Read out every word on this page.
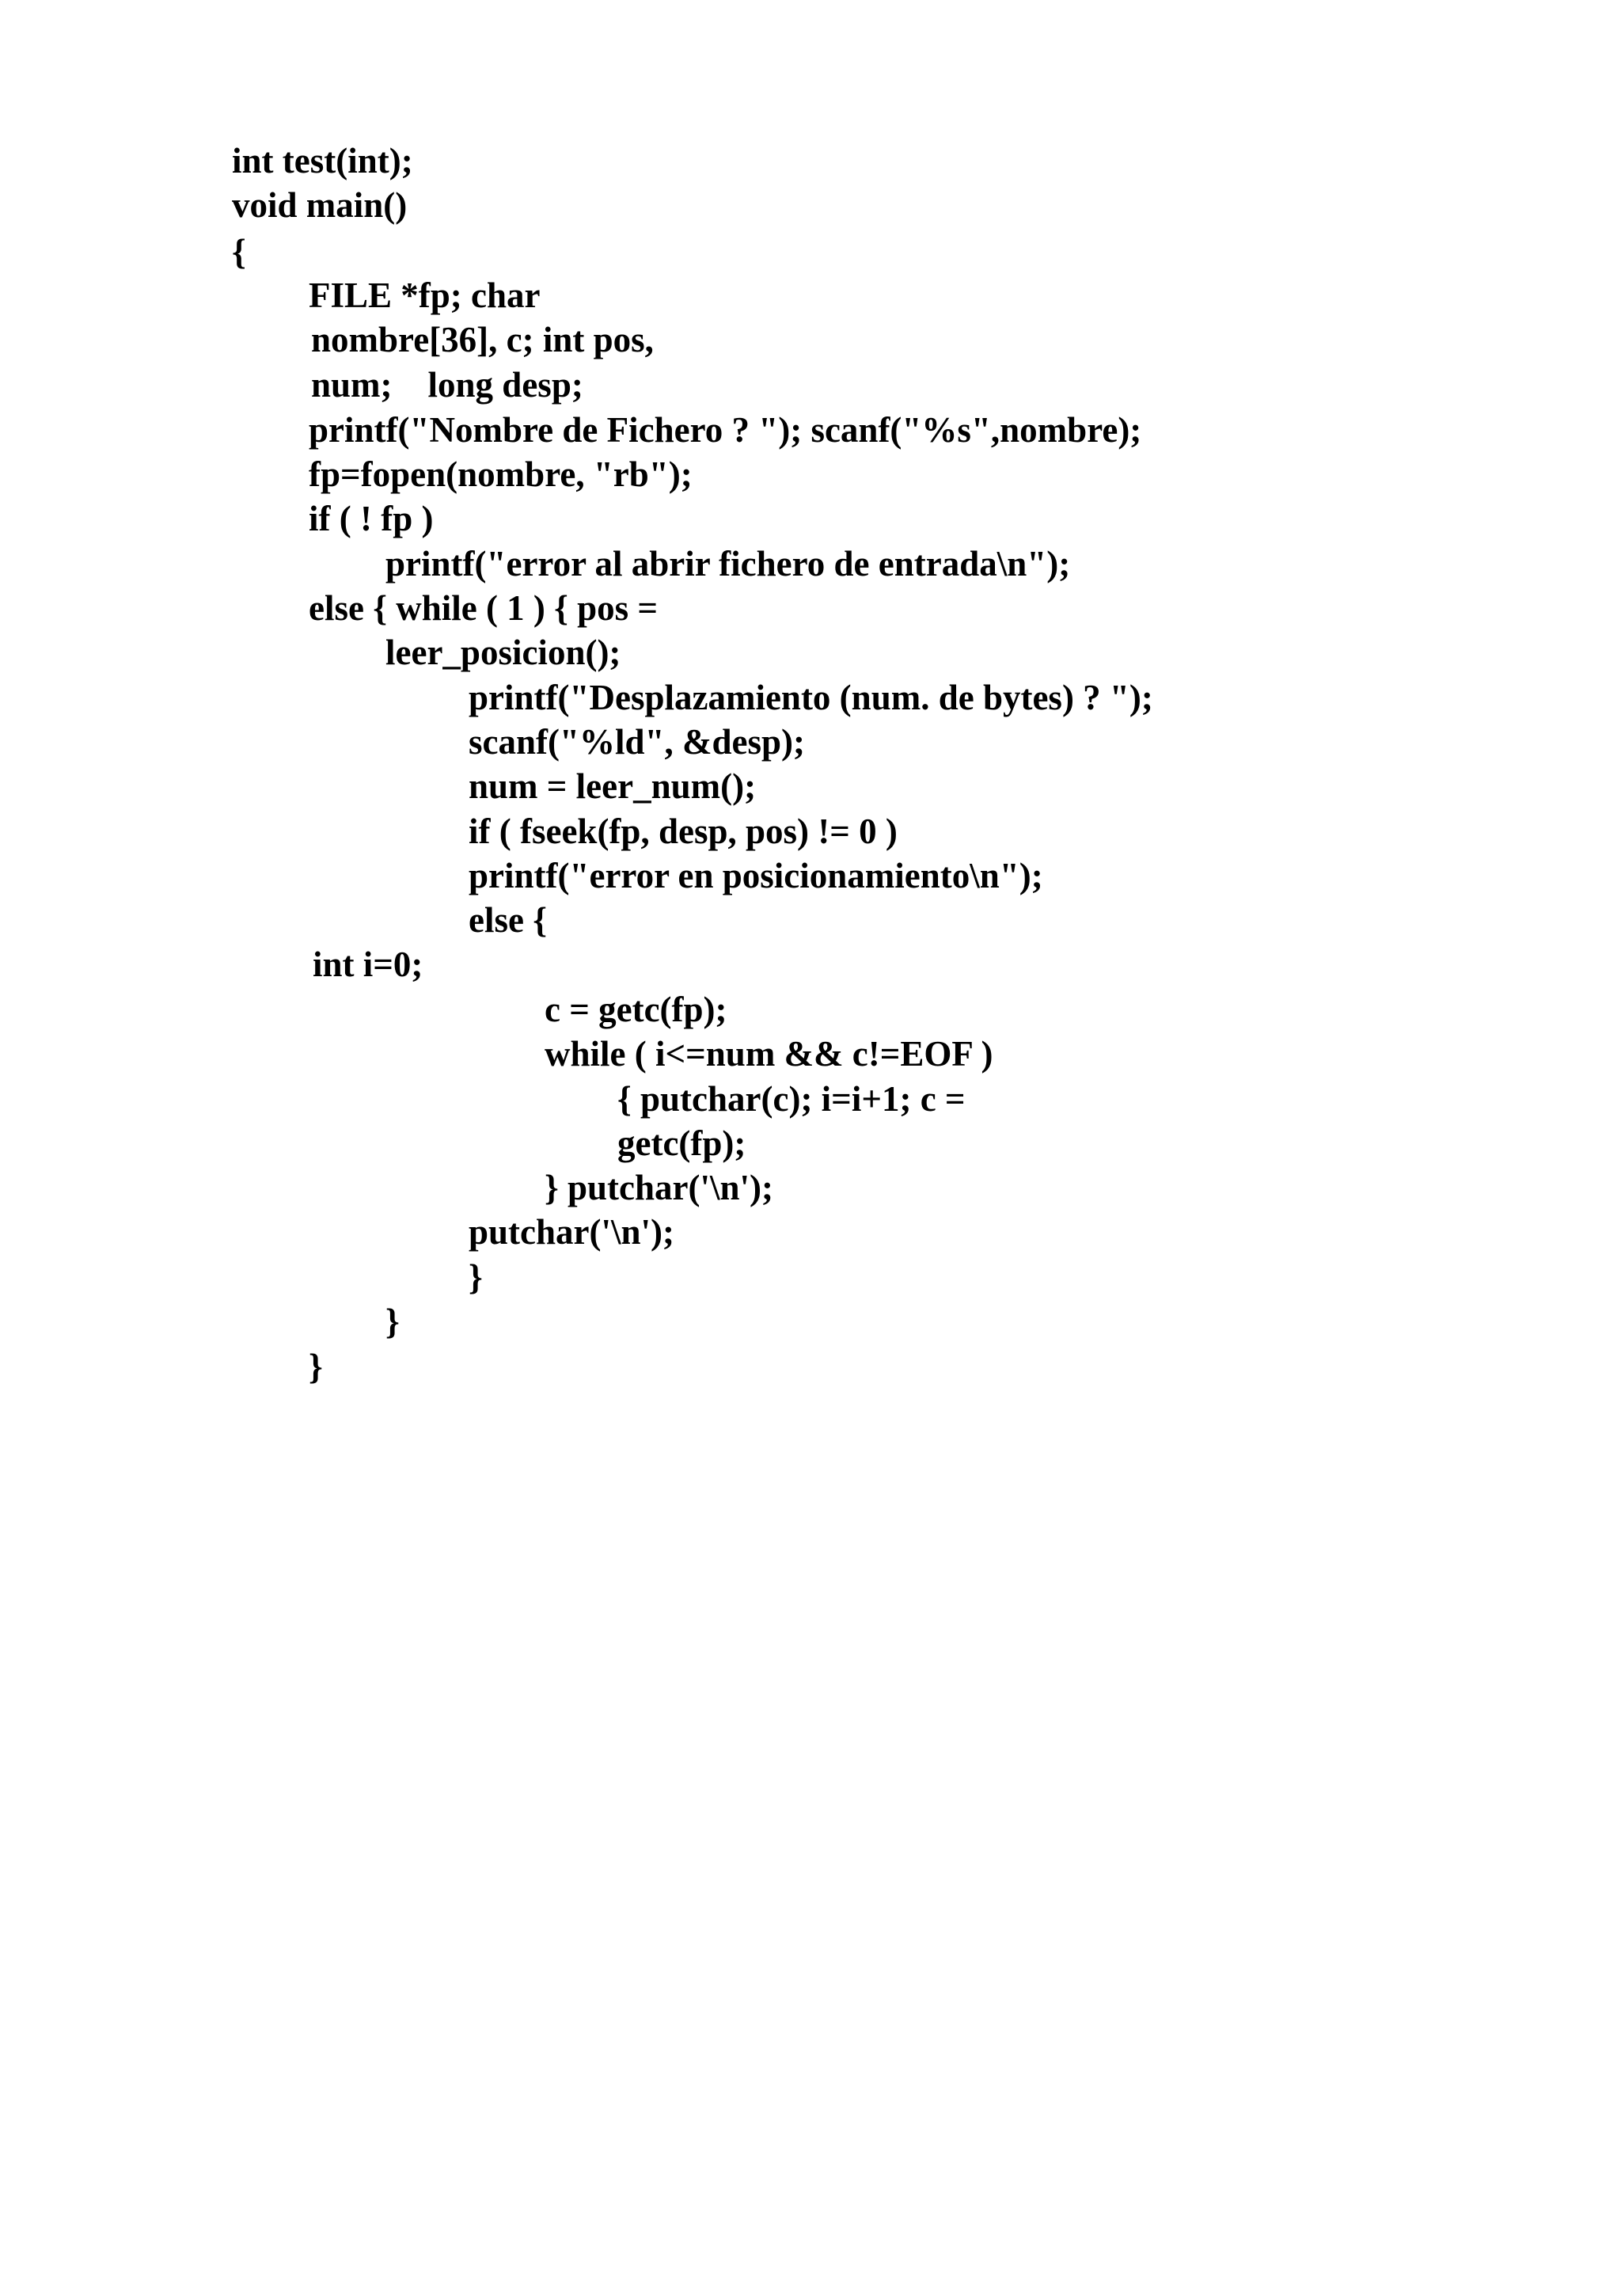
int test(int);
void main()
{
FILE *fp; char
nombre[36], c; int pos,
num;    long desp;
printf("Nombre de Fichero ? "); scanf("%s",nombre);
fp=fopen(nombre, "rb");
if ( ! fp )
printf("error al abrir fichero de entrada\n");
else { while ( 1 ) { pos =
leer_posicion();
printf("Desplazamiento (num. de bytes) ? ");
scanf("%ld", &desp);
num = leer_num();
if ( fseek(fp, desp, pos) != 0 )
printf("error en posicionamiento\n");
else {
int i=0;
c = getc(fp);
while ( i<=num && c!=EOF )
{ putchar(c); i=i+1; c =
getc(fp);
} putchar('\n');
putchar('\n');
}
}
}
